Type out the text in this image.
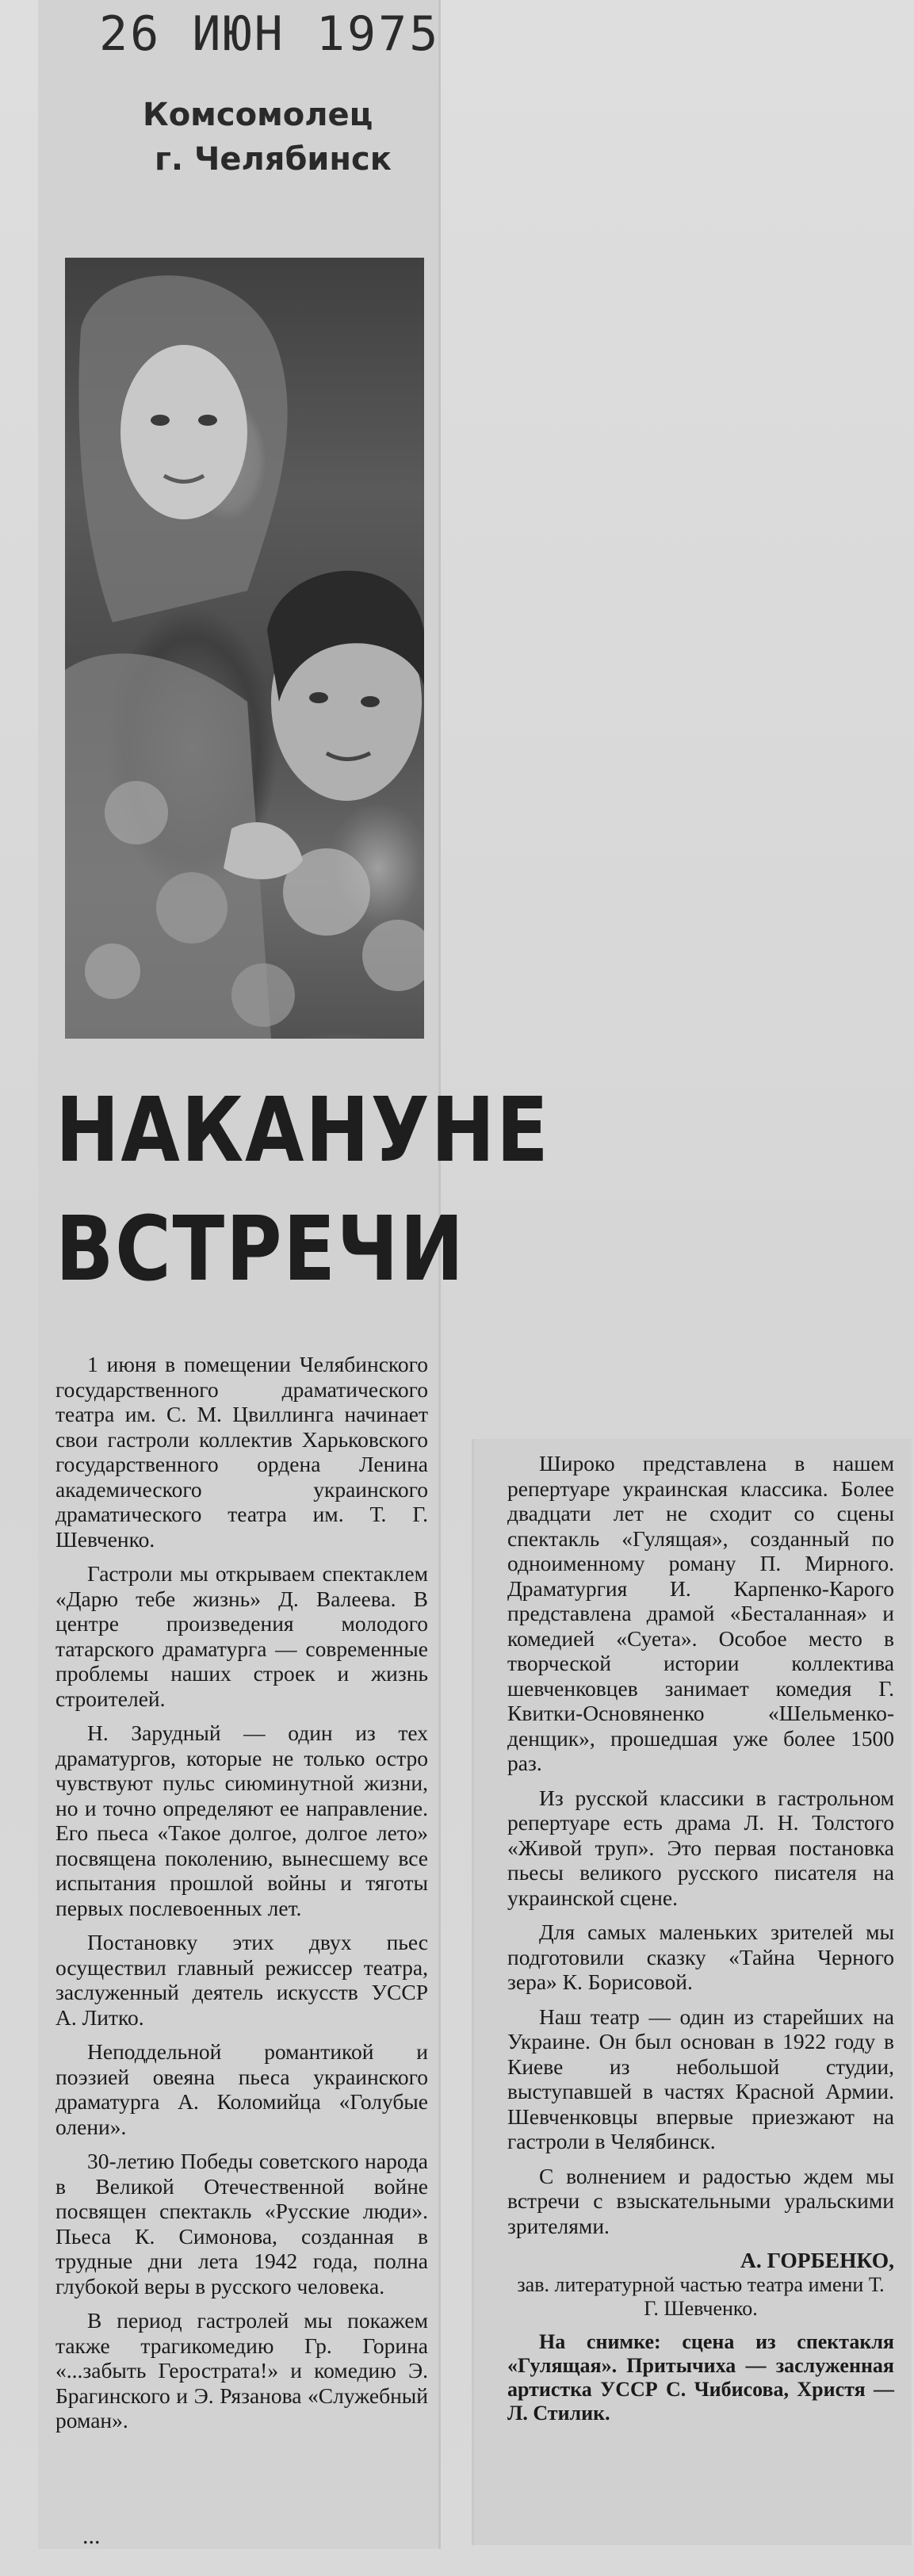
26 ИЮН 1975
Комсомолец
г. Челябинск
НАКАНУНЕ
ВСТРЕЧИ

1 июня в помещении Челябинского государственного драматического театра им. С. М. Цвиллинга начинает свои гастроли коллектив Харьковского государственного ордена Ленина академического украинского драматического театра им. Т. Г. Шевченко.

Гастроли мы открываем спектаклем «Дарю тебе жизнь» Д. Валеева. В центре произведения молодого татарского драматурга — современные проблемы наших строек и жизнь строителей.

Н. Зарудный — один из тех драматургов, которые не только остро чувствуют пульс сиюминутной жизни, но и точно определяют ее направление. Его пьеса «Такое долгое, долгое лето» посвящена поколению, вынесшему все испытания прошлой войны и тяготы первых послевоенных лет.

Постановку этих двух пьес осуществил главный режиссер театра, заслуженный деятель искусств УССР А. Литко.

Неподдельной романтикой и поэзией овеяна пьеса украинского драматурга А. Коломийца «Голубые олени».

30-летию Победы советского народа в Великой Отечественной войне посвящен спектакль «Русские люди». Пьеса К. Симонова, созданная в трудные дни лета 1942 года, полна глубокой веры в русского человека.

В период гастролей мы покажем также трагикомедию Гр. Горина «...забыть Герострата!» и комедию Э. Брагинского и Э. Рязанова «Служебный роман».

...

Широко представлена в нашем репертуаре украинская классика. Более двадцати лет не сходит со сцены спектакль «Гулящая», созданный по одноименному роману П. Мирного. Драматургия И. Карпенко-Карого представлена драмой «Бесталанная» и комедией «Суета». Особое место в творческой истории коллектива шевченковцев занимает комедия Г. Квитки-Основяненко «Шельменко-денщик», прошедшая уже более 1500 раз.

Из русской классики в гастрольном репертуаре есть драма Л. Н. Толстого «Живой труп». Это первая постановка пьесы великого русского писателя на украинской сцене.

Для самых маленьких зрителей мы подготовили сказку «Тайна Черного зера» К. Борисовой.

Наш театр — один из старейших на Украине. Он был основан в 1922 году в Киеве из небольшой студии, выступавшей в частях Красной Армии. Шевченковцы впервые приезжают на гастроли в Челябинск.

С волнением и радостью ждем мы встречи с взыскательными уральскими зрителями.

А. ГОРБЕНКО,

зав. литературной частью театра имени Т. Г. Шевченко.

На снимке: сцена из спектакля «Гулящая». Притычиха — заслуженная артистка УССР С. Чибисова, Христя — Л. Стилик.
